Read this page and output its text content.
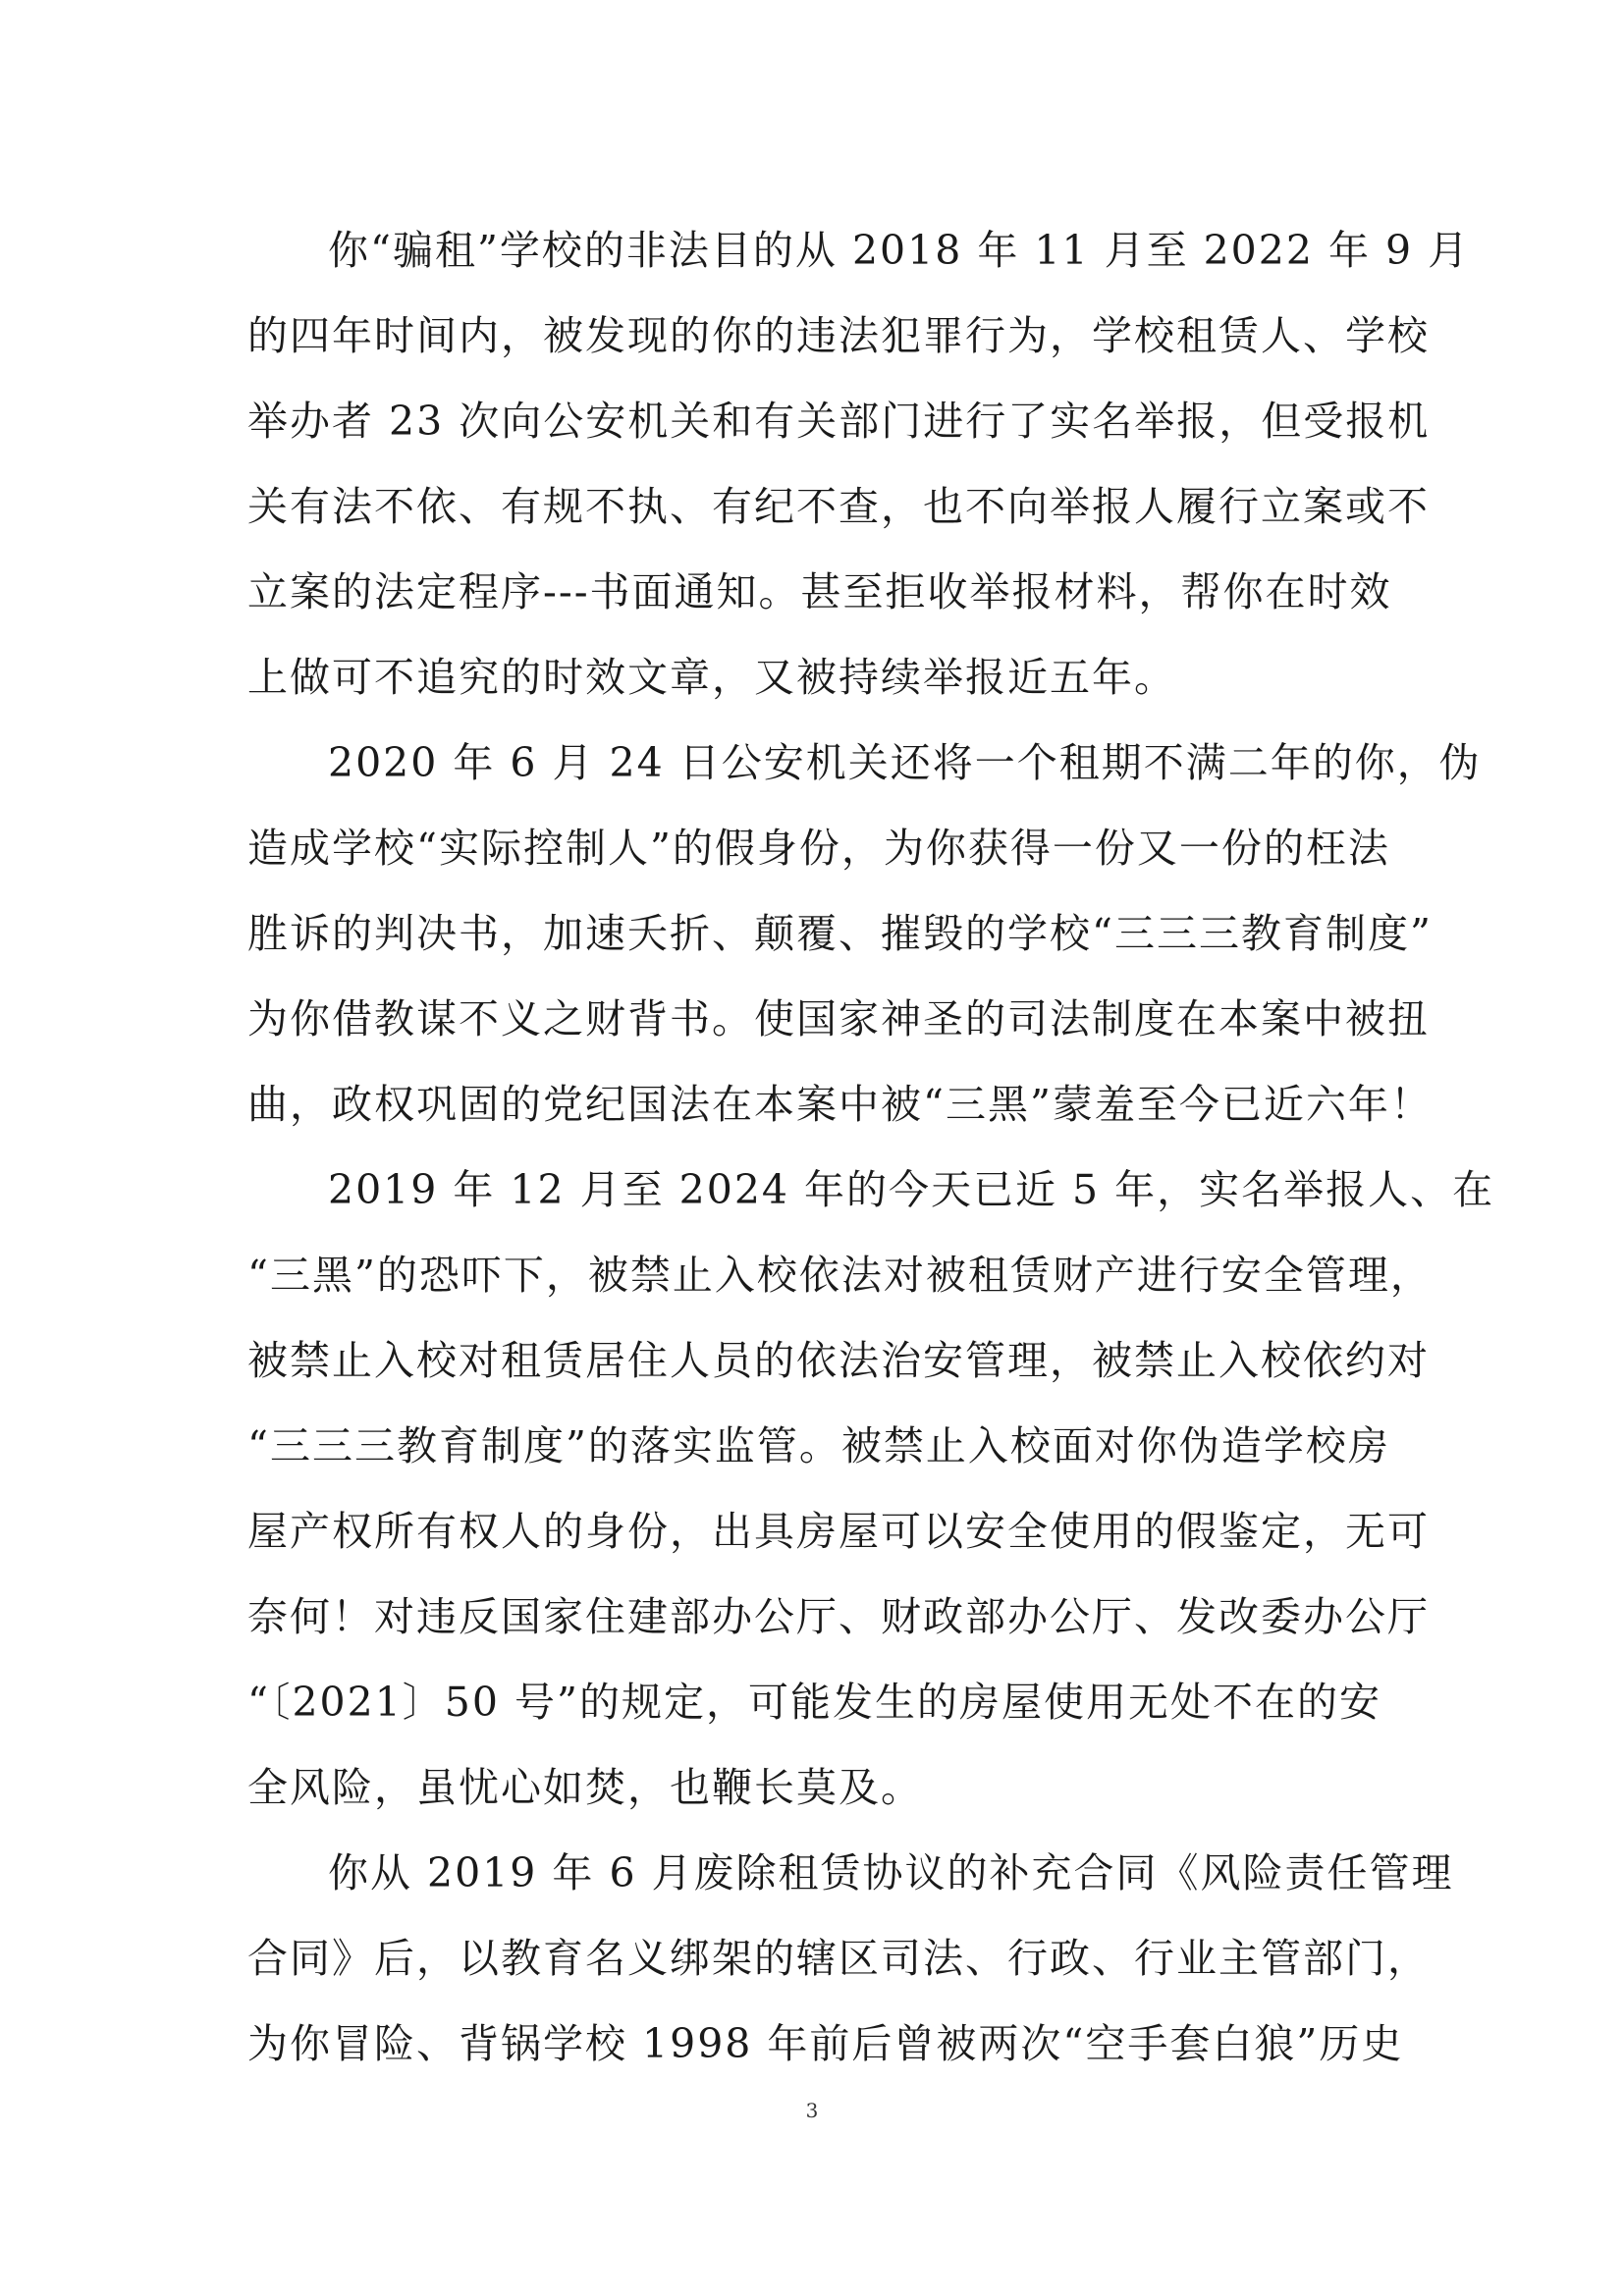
你“骗租”学校的非法目的从 2018 年 11 月至 2022 年 9 月
的四年时间内，被发现的你的违法犯罪行为，学校租赁人、学校
举办者 23 次向公安机关和有关部门进行了实名举报，但受报机
关有法不依、有规不执、有纪不查，也不向举报人履行立案或不
立案的法定程序---书面通知。甚至拒收举报材料，帮你在时效
上做可不追究的时效文章，又被持续举报近五年。
2020 年 6 月 24 日公安机关还将一个租期不满二年的你，伪
造成学校“实际控制人”的假身份，为你获得一份又一份的枉法
胜诉的判决书，加速夭折、颠覆、摧毁的学校“三三三教育制度”
为你借教谋不义之财背书。使国家神圣的司法制度在本案中被扭
曲，政权巩固的党纪国法在本案中被“三黑”蒙羞至今已近六年！
2019 年 12 月至 2024 年的今天已近 5 年，实名举报人、在
“三黑”的恐吓下，被禁止入校依法对被租赁财产进行安全管理，
被禁止入校对租赁居住人员的依法治安管理，被禁止入校依约对
“三三三教育制度”的落实监管。被禁止入校面对你伪造学校房
屋产权所有权人的身份，出具房屋可以安全使用的假鉴定，无可
奈何！对违反国家住建部办公厅、财政部办公厅、发改委办公厅
“〔2021〕50 号”的规定，可能发生的房屋使用无处不在的安
全风险，虽忧心如焚，也鞭长莫及。
你从 2019 年 6 月废除租赁协议的补充合同《风险责任管理
合同》后，以教育名义绑架的辖区司法、行政、行业主管部门，
为你冒险、背锅学校 1998 年前后曾被两次“空手套白狼”历史
3
